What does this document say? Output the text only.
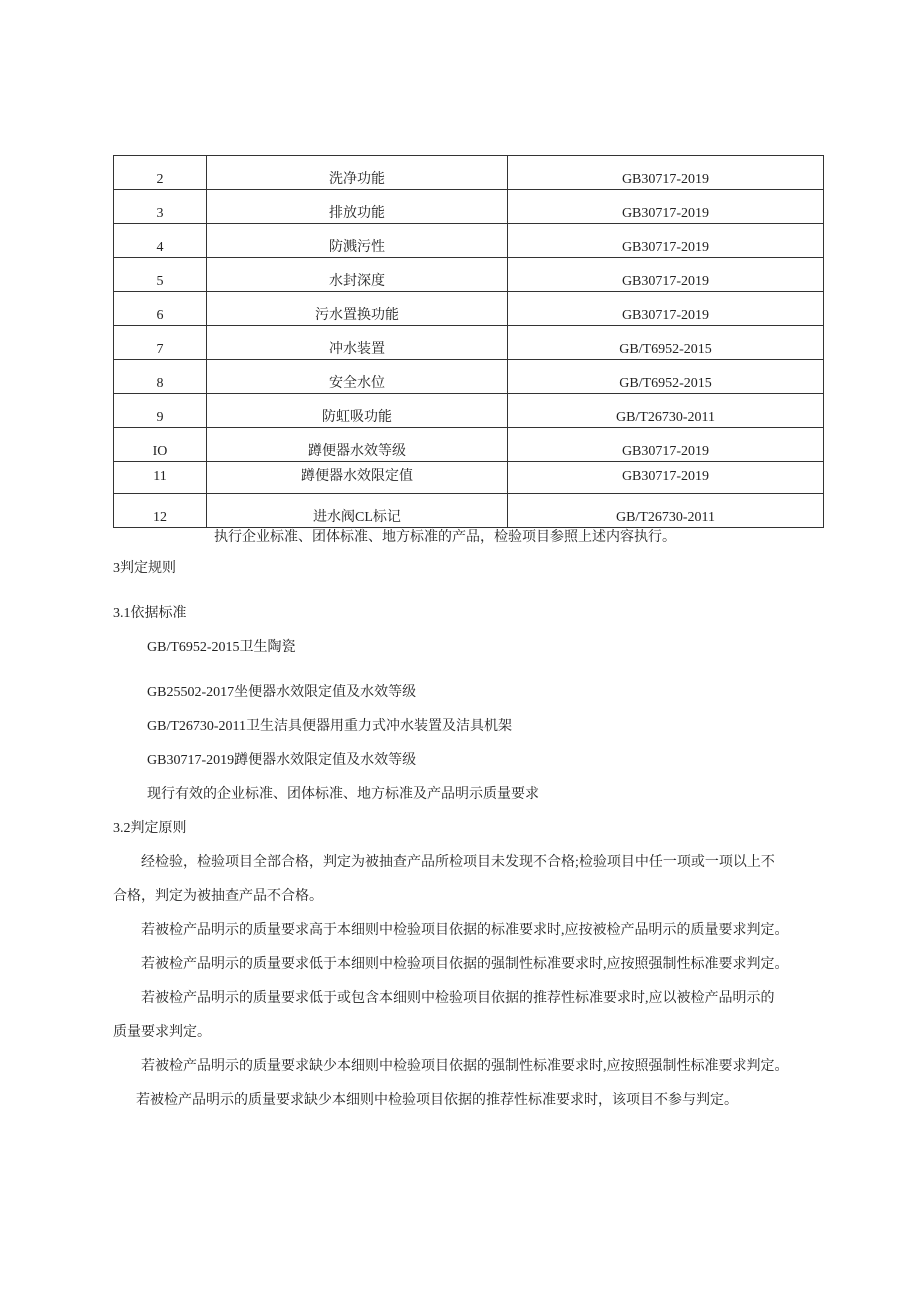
2	洗净功能	GB30717-2019
3	排放功能	GB30717-2019
4	防溅污性	GB30717-2019
5	水封深度	GB30717-2019
6	污水置换功能	GB30717-2019
7	冲水装置	GB/T6952-2015
8	安全水位	GB/T6952-2015
9	防虹吸功能	GB/T26730-2011
IO	蹲便器水效等级	GB30717-2019
11	蹲便器水效限定值	GB30717-2019
12	进水阀CL标记	GB/T26730-2011
执行企业标准、团体标准、地方标准的产品，检验项目参照上述内容执行。
3判定规则
3.1依据标准
GB/T6952-2015卫生陶瓷
GB25502-2017坐便器水效限定值及水效等级
GB/T26730-2011卫生洁具便器用重力式冲水装置及洁具机架
GB30717-2019蹲便器水效限定值及水效等级
现行有效的企业标准、团体标准、地方标准及产品明示质量要求
3.2判定原则
经检验，检验项目全部合格，判定为被抽查产品所检项目未发现不合格;检验项目中任一项或一项以上不
合格，判定为被抽查产品不合格。
若被检产品明示的质量要求高于本细则中检验项目依据的标准要求时,应按被检产品明示的质量要求判定。
若被检产品明示的质量要求低于本细则中检验项目依据的强制性标准要求时,应按照强制性标准要求判定。
若被检产品明示的质量要求低于或包含本细则中检验项目依据的推荐性标准要求时,应以被检产品明示的
质量要求判定。
若被检产品明示的质量要求缺少本细则中检验项目依据的强制性标准要求时,应按照强制性标准要求判定。
若被检产品明示的质量要求缺少本细则中检验项目依据的推荐性标准要求时，该项目不参与判定。
